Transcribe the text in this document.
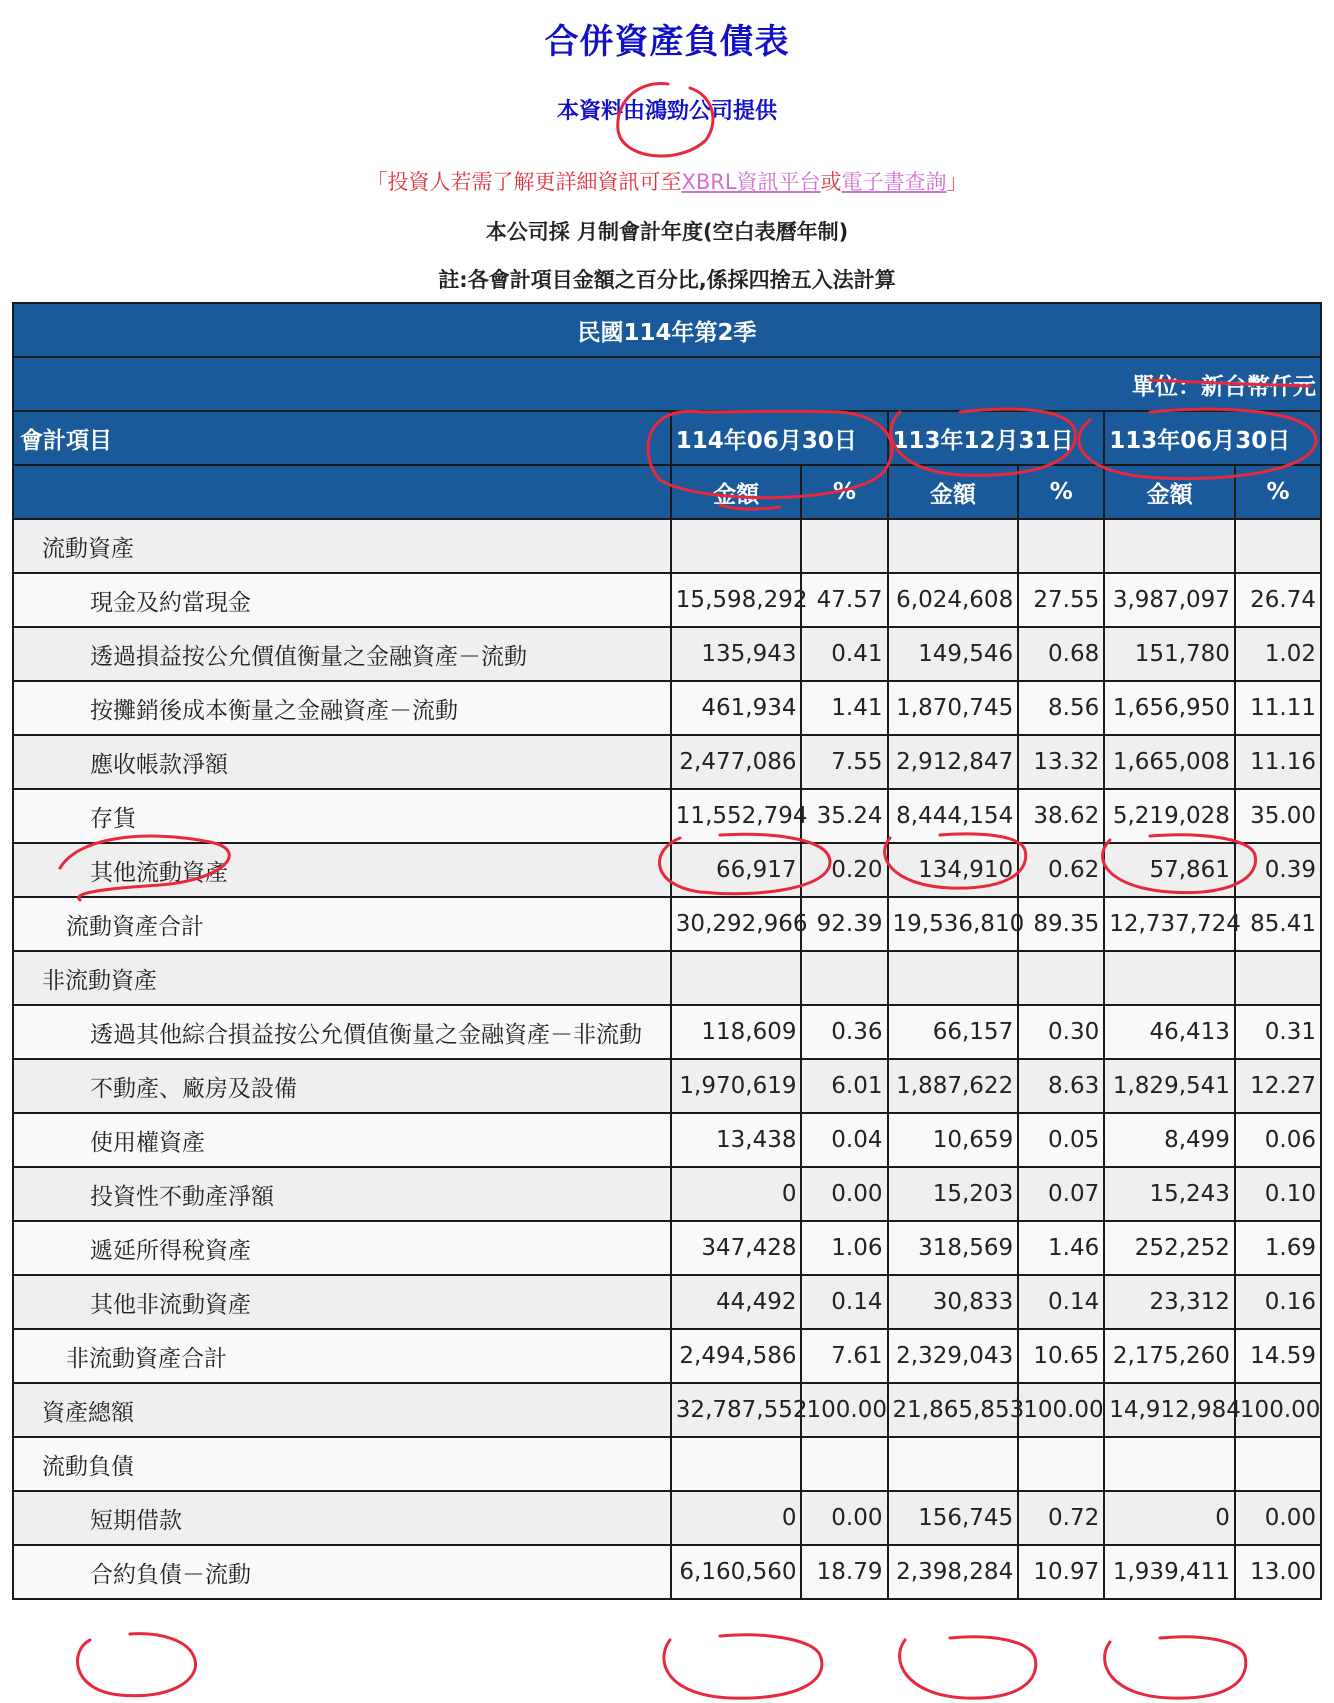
合併資產負債表
本資料由鴻勁公司提供
「投資人若需了解更詳細資訊可至XBRL資訊平台或電子書查詢」
本公司採 月制會計年度(空白表曆年制)
註:各會計項目金額之百分比,係採四捨五入法計算
民國114年第2季						
單位：新台幣仟元						
會計項目	114年06月30日		113年12月31日		113年06月30日	
	金額	%	金額	%	金額	%
流動資產						
現金及約當現金	15,598,292	47.57	6,024,608	27.55	3,987,097	26.74
透過損益按公允價值衡量之金融資產－流動	135,943	0.41	149,546	0.68	151,780	1.02
按攤銷後成本衡量之金融資產－流動	461,934	1.41	1,870,745	8.56	1,656,950	11.11
應收帳款淨額	2,477,086	7.55	2,912,847	13.32	1,665,008	11.16
存貨	11,552,794	35.24	8,444,154	38.62	5,219,028	35.00
其他流動資產	66,917	0.20	134,910	0.62	57,861	0.39
流動資產合計	30,292,966	92.39	19,536,810	89.35	12,737,724	85.41
非流動資產						
透過其他綜合損益按公允價值衡量之金融資產－非流動	118,609	0.36	66,157	0.30	46,413	0.31
不動產、廠房及設備	1,970,619	6.01	1,887,622	8.63	1,829,541	12.27
使用權資產	13,438	0.04	10,659	0.05	8,499	0.06
投資性不動產淨額	0	0.00	15,203	0.07	15,243	0.10
遞延所得稅資產	347,428	1.06	318,569	1.46	252,252	1.69
其他非流動資產	44,492	0.14	30,833	0.14	23,312	0.16
非流動資產合計	2,494,586	7.61	2,329,043	10.65	2,175,260	14.59
資產總額	32,787,552	100.00	21,865,853	100.00	14,912,984	100.00
流動負債						
短期借款	0	0.00	156,745	0.72	0	0.00
合約負債－流動	6,160,560	18.79	2,398,284	10.97	1,939,411	13.00
